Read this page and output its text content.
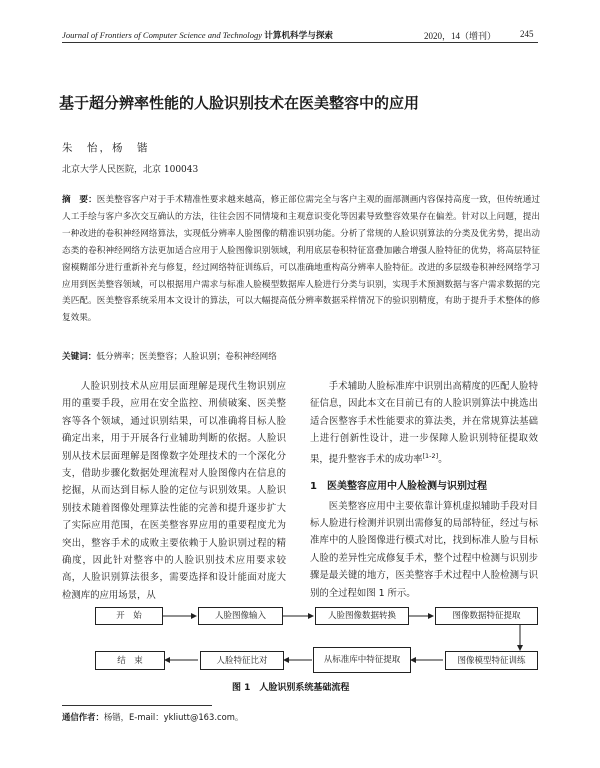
Journal of Frontiers of Computer Science and Technology 计算机科学与探索	2020，14（增刊）	245
基于超分辨率性能的人脸识别技术在医美整容中的应用
朱　怡，杨　锴
北京大学人民医院，北京 100043
摘　要：医美整容客户对于手术精准性要求越来越高，修正部位需完全与客户主观的面部测画内容保持高度一致，但传统通过人工手绘与客户多次交互确认的方法，往往会因不同情境和主观意识变化等因素导致整容效果存在偏差。针对以上问题，提出一种改进的卷积神经网络算法，实现低分辨率人脸图像的精准识别功能。分析了常规的人脸识别算法的分类及优劣势，提出动态类的卷积神经网络方法更加适合应用于人脸图像识别领域，利用底层卷积特征富叠加融合增强人脸特征的优势，将高层特征窗模糊部分进行重新补充与修复，经过网络特征训练后，可以准确地重构高分辨率人脸特征。改进的多层级卷积神经网络学习应用到医美整容领域，可以根据用户需求与标准人脸模型数据库人脸进行分类与识别，实现手术预测数据与客户需求数据的完美匹配。医美整容系统采用本文设计的算法，可以大幅提高低分辨率数据采样情况下的验识别精度，有助于提升手术整体的修复效果。
关键词：低分辨率；医美整容；人脸识别；卷积神经网络

人脸识别技术从应用层面理解是现代生物识别应用的重要手段，应用在安全监控、刑侦破案、医美整容等各个领域，通过识别结果，可以准确将目标人脸确定出来，用于开展各行业辅助判断的依据。人脸识别从技术层面理解是图像数字处理技术的一个深化分支，借助步骤化数据处理流程对人脸图像内在信息的挖掘，从而达到目标人脸的定位与识别效果。人脸识别技术随着图像处理算法性能的完善和提升逐步扩大了实际应用范围，在医美整容界应用的重要程度尤为突出，整容手术的成败主要依赖于人脸识别过程的精确度，因此针对整容中的人脸识别技术应用要求较高，人脸识别算法很多，需要选择和设计能面对庞大检测库的应用场景，从

手术辅助人脸标准库中识别出高精度的匹配人脸特征信息，因此本文在目前已有的人脸识别算法中挑选出适合医整容手术性能要求的算法类，并在常规算法基础上进行创新性设计，进一步保障人脸识别特征提取效果，提升整容手术的成功率[1-2]。

1　医美整容应用中人脸检测与识别过程

医美整容应用中主要依靠计算机虚拟辅助手段对目标人脸进行检测并识别出需修复的局部特征，经过与标准库中的人脸图像进行模式对比，找到标准人脸与目标人脸的差异性完成修复手术，整个过程中检测与识别步骤是最关键的地方，医美整容手术过程中人脸检测与识别的全过程如图 1 所示。

开　始	人脸图像输入	人脸图像数据转换	图像数据特征提取
结　束	人脸特征比对	从标准库中特征提取	图像模型特征训练
图 1　人脸识别系统基础流程
通信作者：杨锴，E-mail：ykliutt@163.com。
